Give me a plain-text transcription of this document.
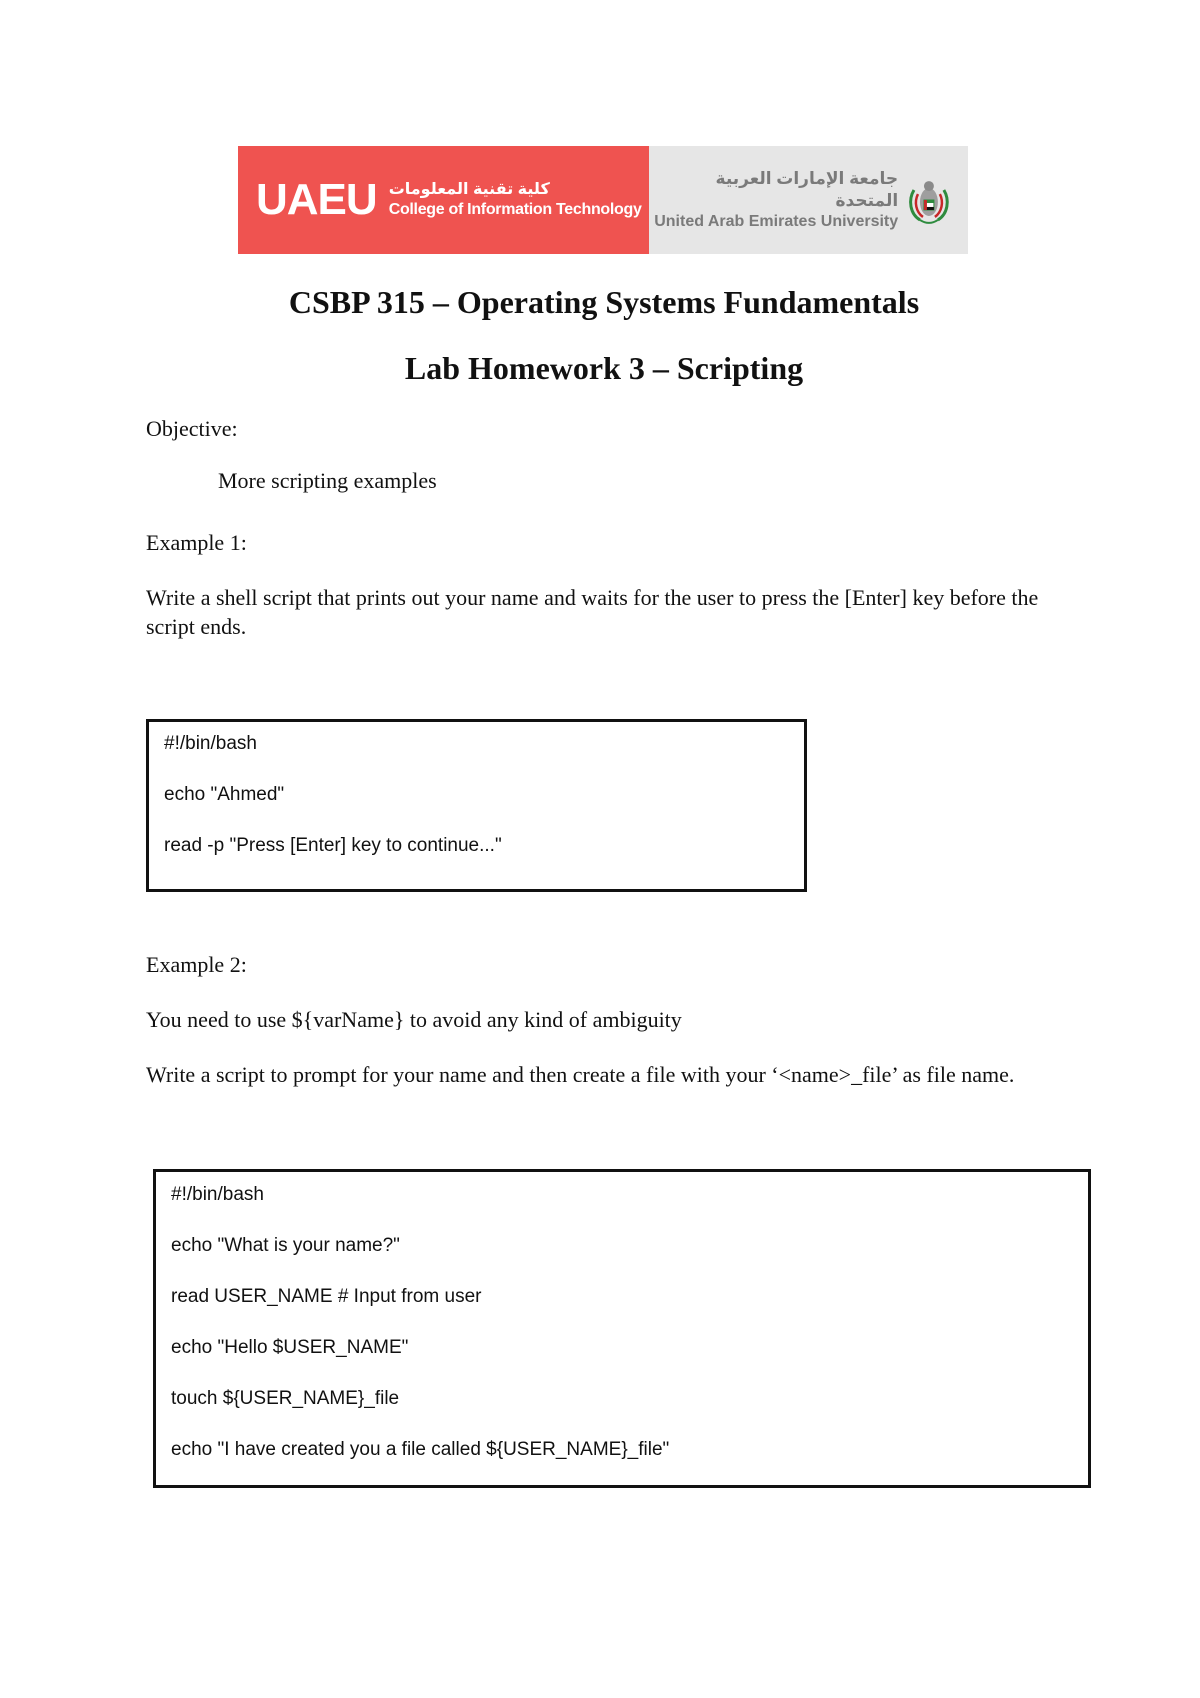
UAEU كلية تقنية المعلومات
College of Information Technology
جامعة الإمارات العربية المتحدة
United Arab Emirates University
CSBP 315 – Operating Systems Fundamentals
Lab Homework 3 – Scripting

Objective:

More scripting examples

Example 1:

Write a shell script that prints out your name and waits for the user to press the [Enter] key before the script ends.

#!/bin/bash
echo "Ahmed"
read -p "Press [Enter] key to continue..."

Example 2:

You need to use ${varName} to avoid any kind of ambiguity

Write a script to prompt for your name and then create a file with your ‘<name>_file’ as file name.

#!/bin/bash
echo "What is your name?"
read USER_NAME # Input from user
echo "Hello $USER_NAME"
touch ${USER_NAME}_file
echo "I have created you a file called ${USER_NAME}_file"
